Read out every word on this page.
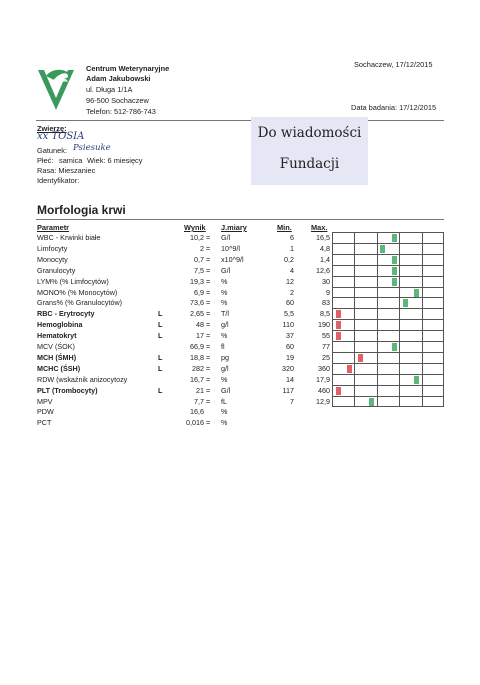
Centrum Weterynaryjne
Adam Jakubowski
ul. Długa 1/1A
96-500 Sochaczew
Telefon: 512-786-743
Sochaczew, 17/12/2015
Data badania: 17/12/2015
Do wiadomości
Fundacji
Zwierzę:
xx TOSIA
Gatunek: Psiesuke
Płeć: samica Wiek: 6 miesięcy
Rasa: Mieszaniec
Identyfikator:
Morfologia krwi
Parametr	Wynik J.miary	Min.	Max.
WBC - Krwinki białe	10,2 = G/l	6	16,5
Limfocyty	2 = 10^9/l	1	4,8
Monocyty	0,7 = x10^9/l	0,2	1,4
Granulocyty	7,5 = G/l	4	12,6
LYM% (% Limfocytów)	19,3 = %	12	30
MONO% (% Monocytów)	6,9 = %	2	9
Grans% (% Granulocytów)	73,6 = %	60	83
RBC - Erytrocyty	L	2,65 = T/l	5,5	8,5
Hemoglobina	L	48 = g/l	110	190
Hematokryt	L	17 = %	37	55
MCV (ŚOK)	66,9 = fl	60	77
MCH (ŚMH)	L	18,8 = pg	19	25
MCHC (ŚSH)	L	282 = g/l	320	360
RDW (wskaźnik anizocytozy	16,7 = %	14	17,9
PLT (Trombocyty)	L	21 = G/l	117	460
MPV	7,7 = fL	7	12,9
PDW	16,6 %
PCT	0,016 = %
